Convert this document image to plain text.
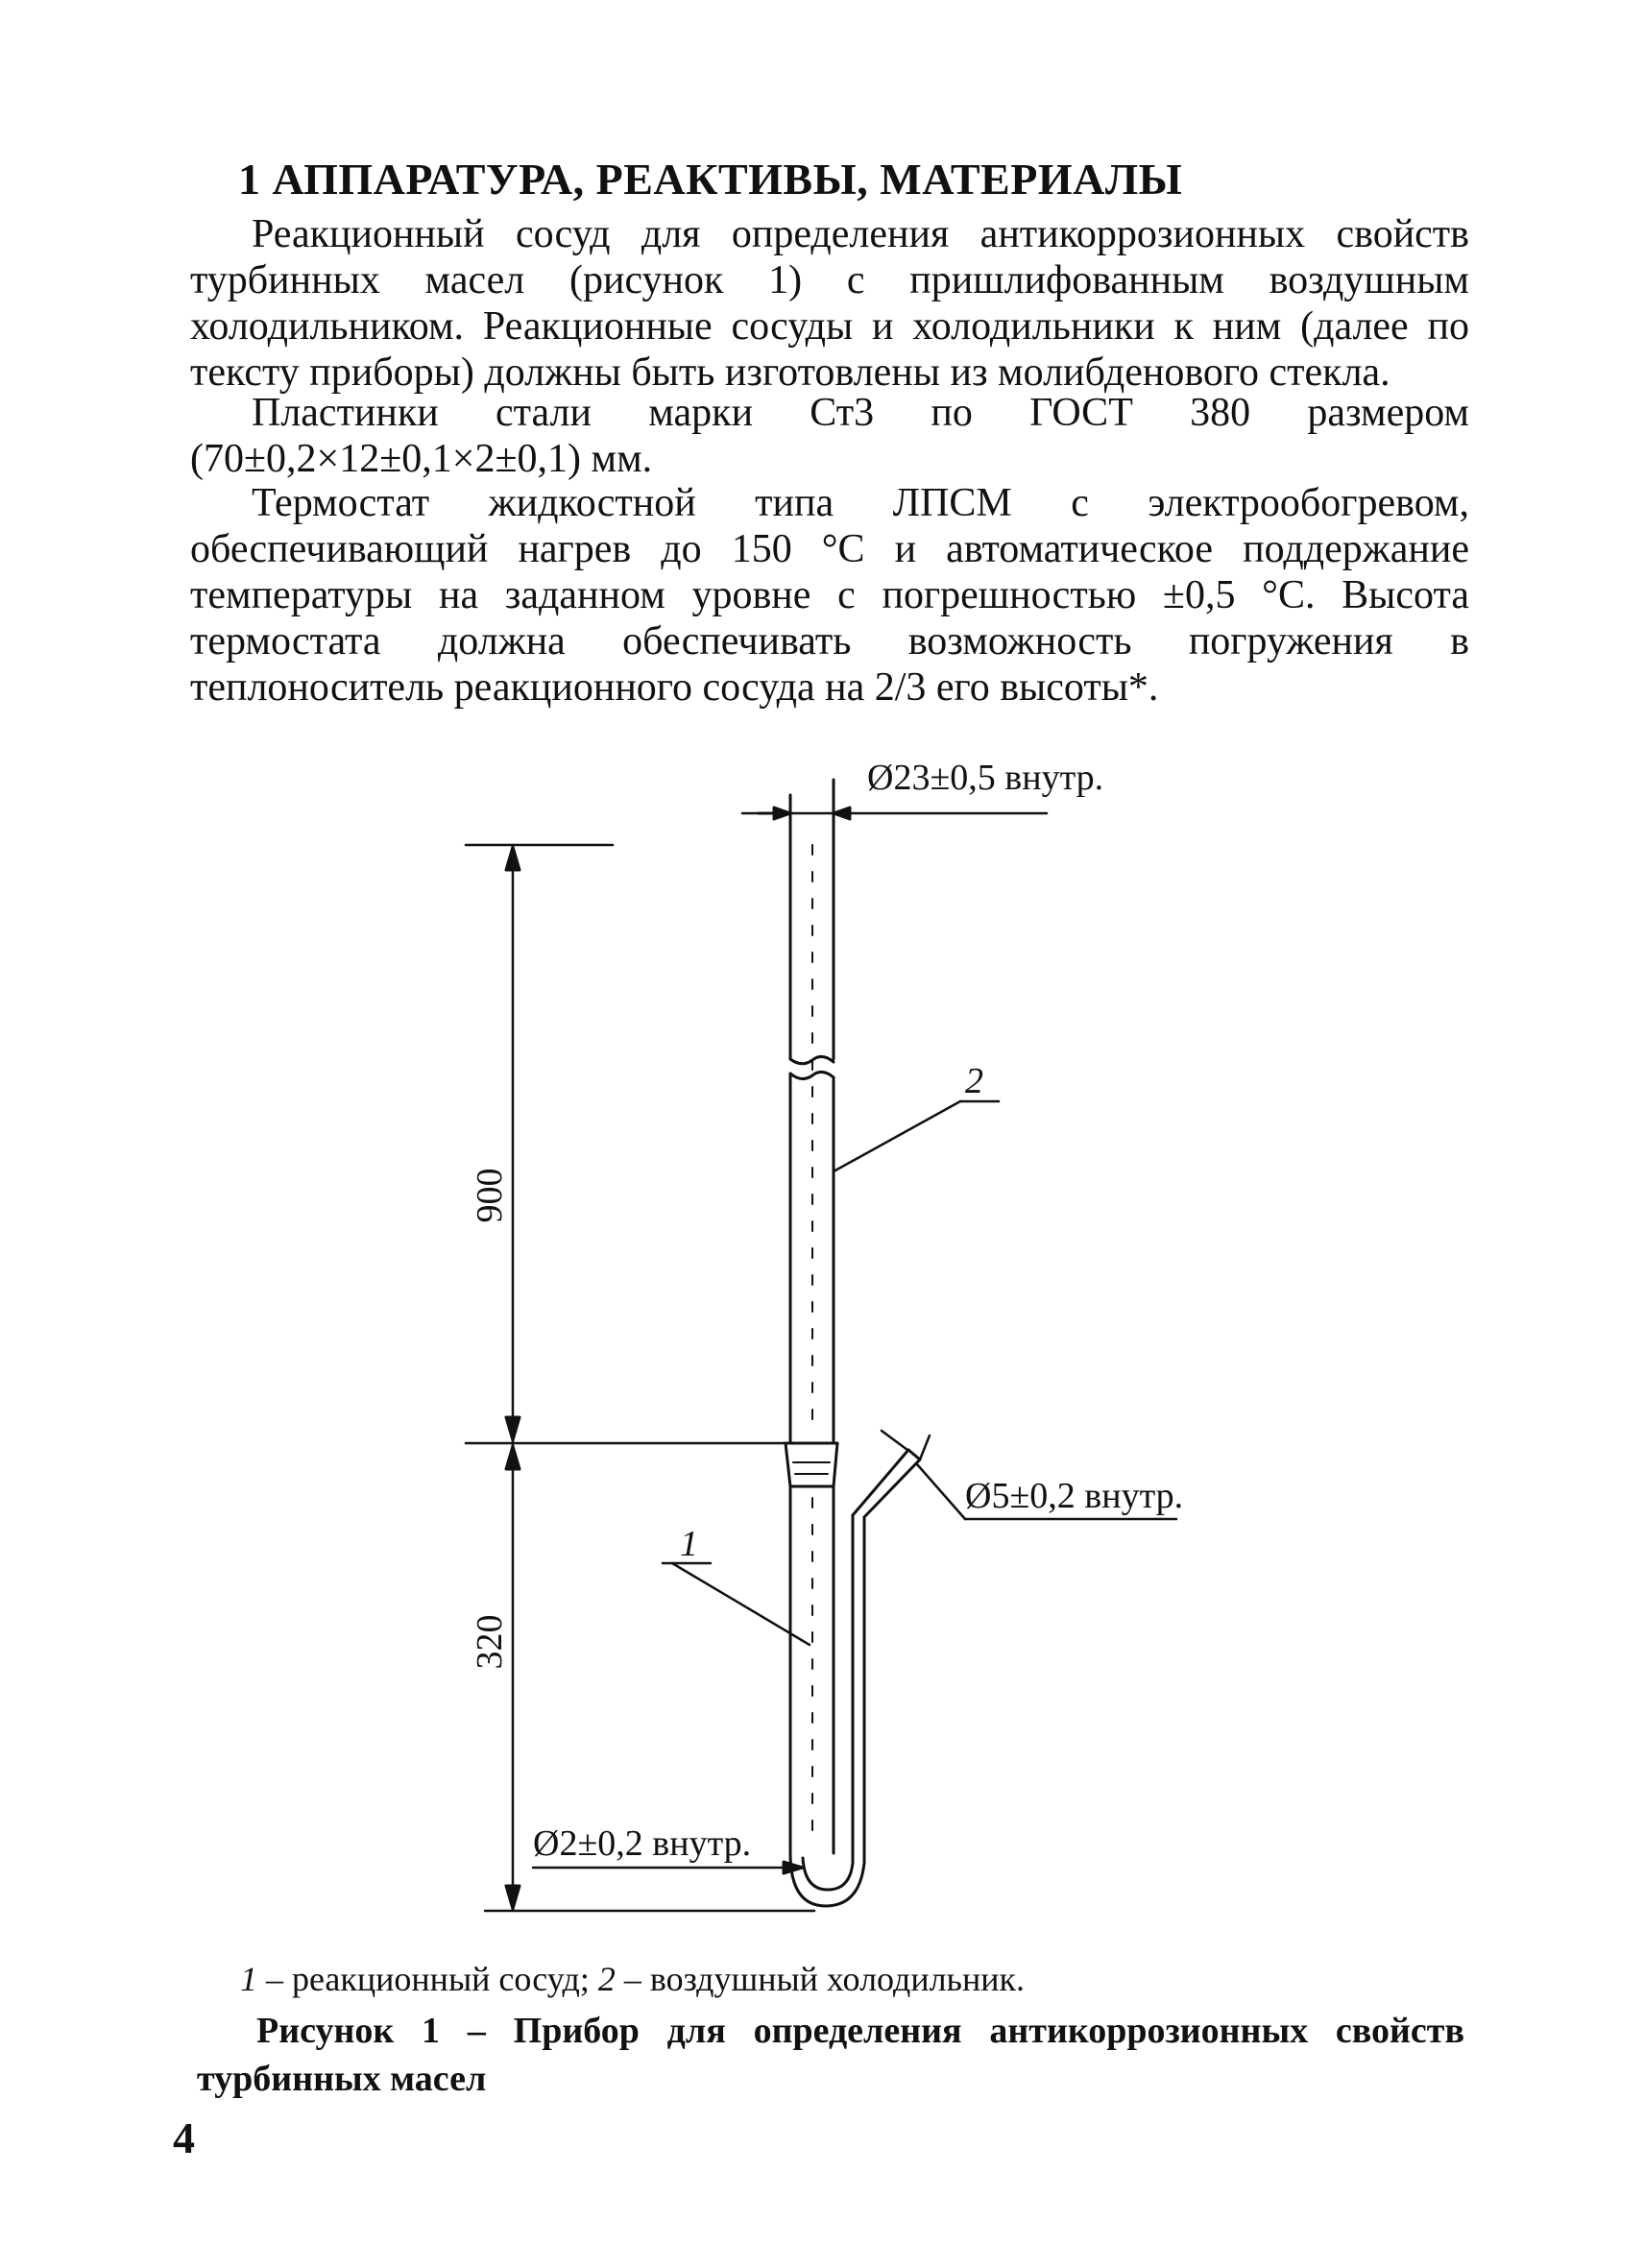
1 АППАРАТУРА, РЕАКТИВЫ, МАТЕРИАЛЫ
Реакционный сосуд для определения антикоррозионных свойств турбинных масел (рисунок 1) с пришлифованным воздушным холодильником. Реакционные сосуды и холодильники к ним (далее по тексту приборы) должны быть изготовлены из молибденового стекла.
Пластинки стали марки Ст3 по ГОСТ 380 размером (70±0,2×12±0,1×2±0,1) мм.
Термостат жидкостной типа ЛПСМ с электрообогревом, обеспечивающий нагрев до 150 °С и автоматическое поддержание температуры на заданном уровне с погрешностью ±0,5 °С. Высота термостата должна обеспечивать возможность погружения в теплоноситель реакционного сосуда на 2/3 его высоты*.
Ø23±0,5 внутр.
Ø5±0,2 внутр.
Ø2±0,2 внутр.
900
320
1
2
1 – реакционный сосуд; 2 – воздушный холодильник.
Рисунок 1 – Прибор для определения антикоррозионных свойств турбинных масел
4
